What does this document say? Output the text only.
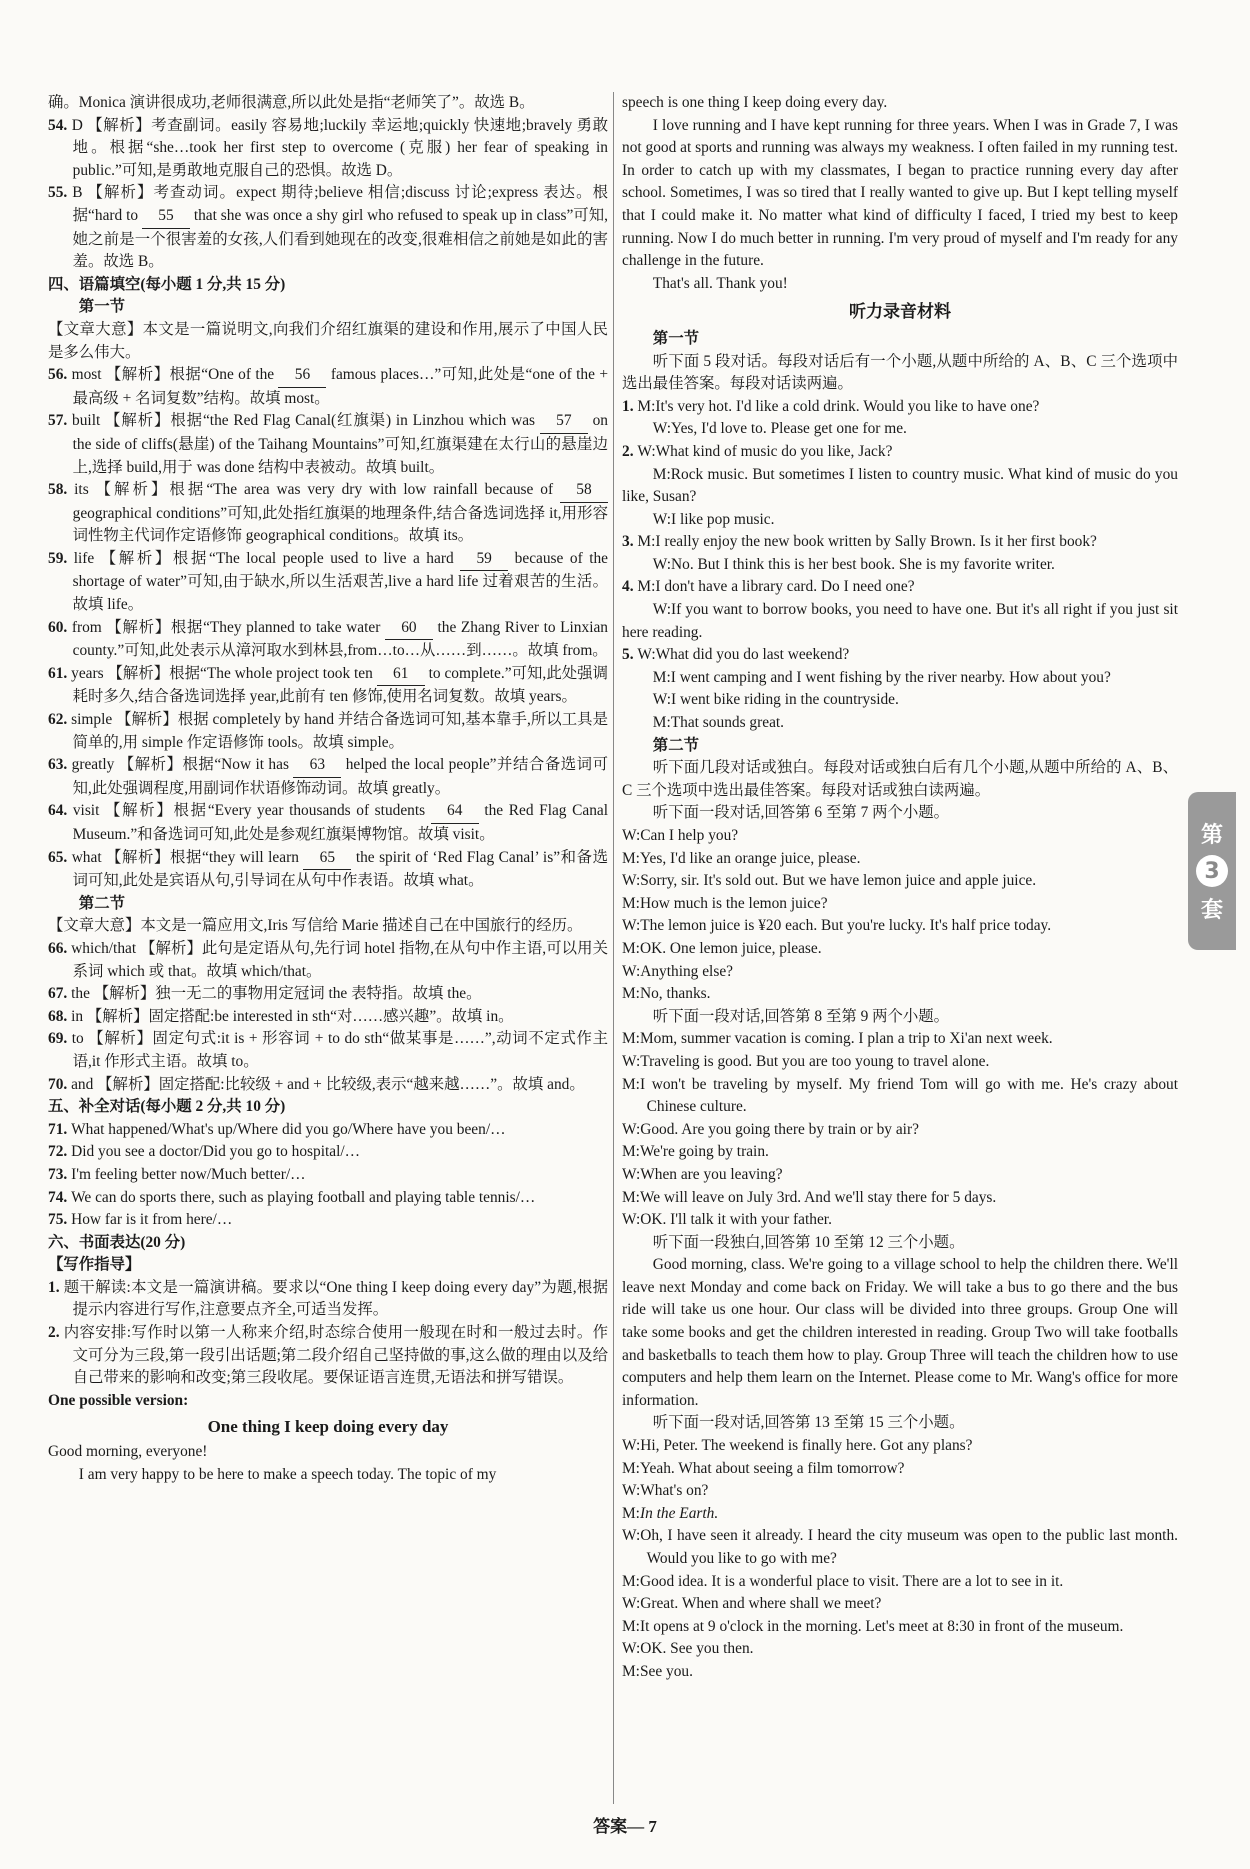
确。Monica 演讲很成功,老师很满意,所以此处是指“老师笑了”。故选 B。
54. D 【解析】考查副词。easily 容易地;luckily 幸运地;quickly 快速地;bravely 勇敢地。根据“she…took her first step to overcome (克服) her fear of speaking in public.”可知,是勇敢地克服自己的恐惧。故选 D。
55. B 【解析】考查动词。expect 期待;believe 相信;discuss 讨论;express 表达。根据“hard to 55 that she was once a shy girl who refused to speak up in class”可知,她之前是一个很害羞的女孩,人们看到她现在的改变,很难相信之前她是如此的害羞。故选 B。
四、语篇填空(每小题 1 分,共 15 分)
第一节
【文章大意】本文是一篇说明文,向我们介绍红旗渠的建设和作用,展示了中国人民是多么伟大。
56. most 【解析】根据“One of the 56 famous places…”可知,此处是“one of the + 最高级 + 名词复数”结构。故填 most。
57. built 【解析】根据“the Red Flag Canal(红旗渠) in Linzhou which was 57 on the side of cliffs(悬崖) of the Taihang Mountains”可知,红旗渠建在太行山的悬崖边上,选择 build,用于 was done 结构中表被动。故填 built。
58. its 【解析】根据“The area was very dry with low rainfall because of 58 geographical conditions”可知,此处指红旗渠的地理条件,结合备选词选择 it,用形容词性物主代词作定语修饰 geographical conditions。故填 its。
59. life 【解析】根据“The local people used to live a hard 59 because of the shortage of water”可知,由于缺水,所以生活艰苦,live a hard life 过着艰苦的生活。故填 life。
60. from 【解析】根据“They planned to take water 60 the Zhang River to Linxian county.”可知,此处表示从漳河取水到林县,from…to…从……到……。故填 from。
61. years 【解析】根据“The whole project took ten 61 to complete.”可知,此处强调耗时多久,结合备选词选择 year,此前有 ten 修饰,使用名词复数。故填 years。
62. simple 【解析】根据 completely by hand 并结合备选词可知,基本靠手,所以工具是简单的,用 simple 作定语修饰 tools。故填 simple。
63. greatly 【解析】根据“Now it has 63 helped the local people”并结合备选词可知,此处强调程度,用副词作状语修饰动词。故填 greatly。
64. visit 【解析】根据“Every year thousands of students 64 the Red Flag Canal Museum.”和备选词可知,此处是参观红旗渠博物馆。故填 visit。
65. what 【解析】根据“they will learn 65 the spirit of ‘Red Flag Canal’ is”和备选词可知,此处是宾语从句,引导词在从句中作表语。故填 what。
第二节
【文章大意】本文是一篇应用文,Iris 写信给 Marie 描述自己在中国旅行的经历。
66. which/that 【解析】此句是定语从句,先行词 hotel 指物,在从句中作主语,可以用关系词 which 或 that。故填 which/that。
67. the 【解析】独一无二的事物用定冠词 the 表特指。故填 the。
68. in 【解析】固定搭配:be interested in sth“对……感兴趣”。故填 in。
69. to 【解析】固定句式:it is + 形容词 + to do sth“做某事是……”,动词不定式作主语,it 作形式主语。故填 to。
70. and 【解析】固定搭配:比较级 + and + 比较级,表示“越来越……”。故填 and。
五、补全对话(每小题 2 分,共 10 分)
71. What happened/What's up/Where did you go/Where have you been/…
72. Did you see a doctor/Did you go to hospital/…
73. I'm feeling better now/Much better/…
74. We can do sports there, such as playing football and playing table tennis/…
75. How far is it from here/…
六、书面表达(20 分)
【写作指导】
1. 题干解读:本文是一篇演讲稿。要求以“One thing I keep doing every day”为题,根据提示内容进行写作,注意要点齐全,可适当发挥。
2. 内容安排:写作时以第一人称来介绍,时态综合使用一般现在时和一般过去时。作文可分为三段,第一段引出话题;第二段介绍自己坚持做的事,这么做的理由以及给自己带来的影响和改变;第三段收尾。要保证语言连贯,无语法和拼写错误。
One possible version:
One thing I keep doing every day
Good morning, everyone!
I am very happy to be here to make a speech today. The topic of my
speech is one thing I keep doing every day.
I love running and I have kept running for three years. When I was in Grade 7, I was not good at sports and running was always my weakness. I often failed in my running test. In order to catch up with my classmates, I began to practice running every day after school. Sometimes, I was so tired that I really wanted to give up. But I kept telling myself that I could make it. No matter what kind of difficulty I faced, I tried my best to keep running. Now I do much better in running. I'm very proud of myself and I'm ready for any challenge in the future.
That's all. Thank you!
听力录音材料
第一节
听下面 5 段对话。每段对话后有一个小题,从题中所给的 A、B、C 三个选项中选出最佳答案。每段对话读两遍。
1. M:It's very hot. I'd like a cold drink. Would you like to have one?
W:Yes, I'd love to. Please get one for me.
2. W:What kind of music do you like, Jack?
M:Rock music. But sometimes I listen to country music. What kind of music do you like, Susan?
W:I like pop music.
3. M:I really enjoy the new book written by Sally Brown. Is it her first book?
W:No. But I think this is her best book. She is my favorite writer.
4. M:I don't have a library card. Do I need one?
W:If you want to borrow books, you need to have one. But it's all right if you just sit here reading.
5. W:What did you do last weekend?
M:I went camping and I went fishing by the river nearby. How about you?
W:I went bike riding in the countryside.
M:That sounds great.
第二节
听下面几段对话或独白。每段对话或独白后有几个小题,从题中所给的 A、B、C 三个选项中选出最佳答案。每段对话或独白读两遍。
听下面一段对话,回答第 6 至第 7 两个小题。
W:Can I help you?
M:Yes, I'd like an orange juice, please.
W:Sorry, sir. It's sold out. But we have lemon juice and apple juice.
M:How much is the lemon juice?
W:The lemon juice is ¥20 each. But you're lucky. It's half price today.
M:OK. One lemon juice, please.
W:Anything else?
M:No, thanks.
听下面一段对话,回答第 8 至第 9 两个小题。
M:Mom, summer vacation is coming. I plan a trip to Xi'an next week.
W:Traveling is good. But you are too young to travel alone.
M:I won't be traveling by myself. My friend Tom will go with me. He's crazy about Chinese culture.
W:Good. Are you going there by train or by air?
M:We're going by train.
W:When are you leaving?
M:We will leave on July 3rd. And we'll stay there for 5 days.
W:OK. I'll talk it with your father.
听下面一段独白,回答第 10 至第 12 三个小题。
Good morning, class. We're going to a village school to help the children there. We'll leave next Monday and come back on Friday. We will take a bus to go there and the bus ride will take us one hour. Our class will be divided into three groups. Group One will take some books and get the children interested in reading. Group Two will take footballs and basketballs to teach them how to play. Group Three will teach the children how to use computers and help them learn on the Internet. Please come to Mr. Wang's office for more information.
听下面一段对话,回答第 13 至第 15 三个小题。
W:Hi, Peter. The weekend is finally here. Got any plans?
M:Yeah. What about seeing a film tomorrow?
W:What's on?
M:In the Earth.
W:Oh, I have seen it already. I heard the city museum was open to the public last month. Would you like to go with me?
M:Good idea. It is a wonderful place to visit. There are a lot to see in it.
W:Great. When and where shall we meet?
M:It opens at 9 o'clock in the morning. Let's meet at 8:30 in front of the museum.
W:OK. See you then.
M:See you.
第
3
套
答案— 7
